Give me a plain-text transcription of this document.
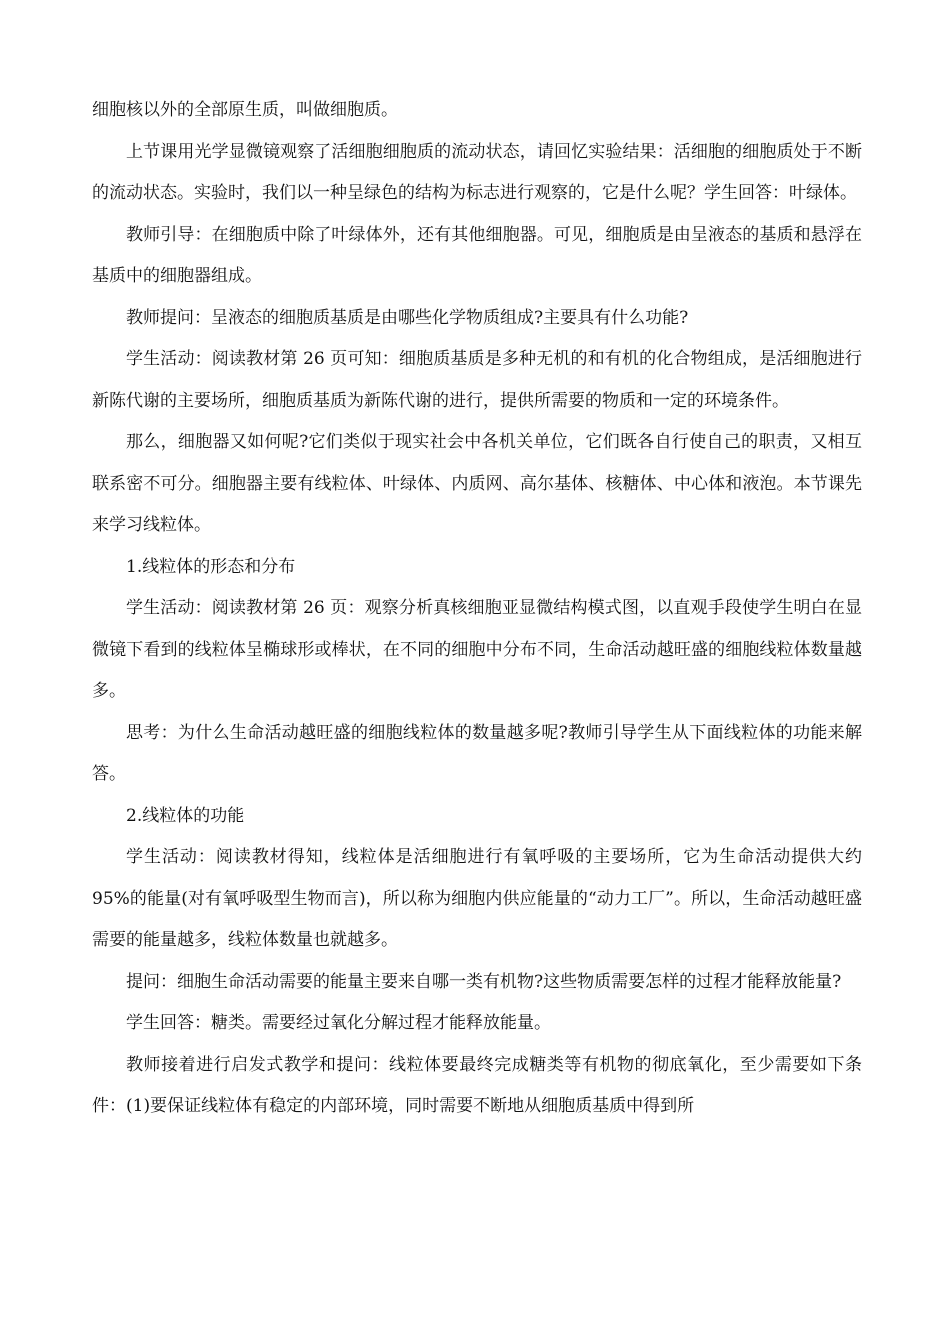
细胞核以外的全部原生质，叫做细胞质。

上节课用光学显微镜观察了活细胞细胞质的流动状态，请回忆实验结果：活细胞的细胞质处于不断的流动状态。实验时，我们以一种呈绿色的结构为标志进行观察的，它是什么呢？学生回答：叶绿体。

教师引导：在细胞质中除了叶绿体外，还有其他细胞器。可见，细胞质是由呈液态的基质和悬浮在基质中的细胞器组成。

教师提问：呈液态的细胞质基质是由哪些化学物质组成?主要具有什么功能?

学生活动：阅读教材第 26 页可知：细胞质基质是多种无机的和有机的化合物组成，是活细胞进行新陈代谢的主要场所，细胞质基质为新陈代谢的进行，提供所需要的物质和一定的环境条件。

那么，细胞器又如何呢?它们类似于现实社会中各机关单位，它们既各自行使自己的职责，又相互联系密不可分。细胞器主要有线粒体、叶绿体、内质网、高尔基体、核糖体、中心体和液泡。本节课先来学习线粒体。

1.线粒体的形态和分布

学生活动：阅读教材第 26 页：观察分析真核细胞亚显微结构模式图，以直观手段使学生明白在显微镜下看到的线粒体呈椭球形或棒状，在不同的细胞中分布不同，生命活动越旺盛的细胞线粒体数量越多。

思考：为什么生命活动越旺盛的细胞线粒体的数量越多呢?教师引导学生从下面线粒体的功能来解答。

2.线粒体的功能

学生活动：阅读教材得知，线粒体是活细胞进行有氧呼吸的主要场所，它为生命活动提供大约 95%的能量(对有氧呼吸型生物而言)，所以称为细胞内供应能量的“动力工厂”。所以，生命活动越旺盛需要的能量越多，线粒体数量也就越多。

提问：细胞生命活动需要的能量主要来自哪一类有机物?这些物质需要怎样的过程才能释放能量?

学生回答：糖类。需要经过氧化分解过程才能释放能量。

教师接着进行启发式教学和提问：线粒体要最终完成糖类等有机物的彻底氧化，至少需要如下条件：(1)要保证线粒体有稳定的内部环境，同时需要不断地从细胞质基质中得到所
